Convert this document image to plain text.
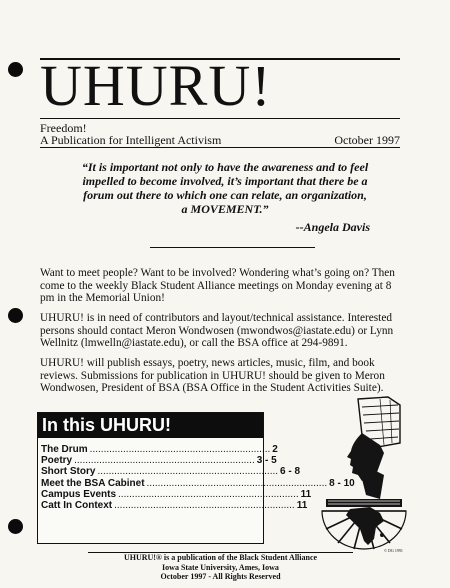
UHURU!
Freedom!
A Publication for Intelligent Activism	October 1997
“It is important not only to have the awareness and to feel impelled to become involved, it’s important that there be a forum out there to which one can relate, an organization, a MOVEMENT.”
--Angela Davis
Want to meet people? Want to be involved? Wondering what’s going on? Then come to the weekly Black Student Alliance meetings on Monday evening at 8 pm in the Memorial Union!
UHURU! is in need of contributors and layout/technical assistance. Interested persons should contact Meron Wondwosen (mwondwos@iastate.edu) or Lynn Wellnitz (lmwelln@iastate.edu), or call the BSA office at 294-9891.
UHURU! will publish essays, poetry, news articles, music, film, and book reviews. Submissions for publication in UHURU! should be given to Meron Wondwosen, President of BSA (BSA Office in the Student Activities Suite).
In this UHURU!
The Drum ................................................................. 2
Poetry ................................................................. 3 - 5
Short Story ................................................................. 6 - 8
Meet the BSA Cabinet ................................................................. 8 - 10
Campus Events ................................................................. 11
Catt In Context ................................................................. 11
© DG 1991
UHURU!® is a publication of the Black Student Alliance
Iowa State University, Ames, Iowa
October 1997 - All Rights Reserved
